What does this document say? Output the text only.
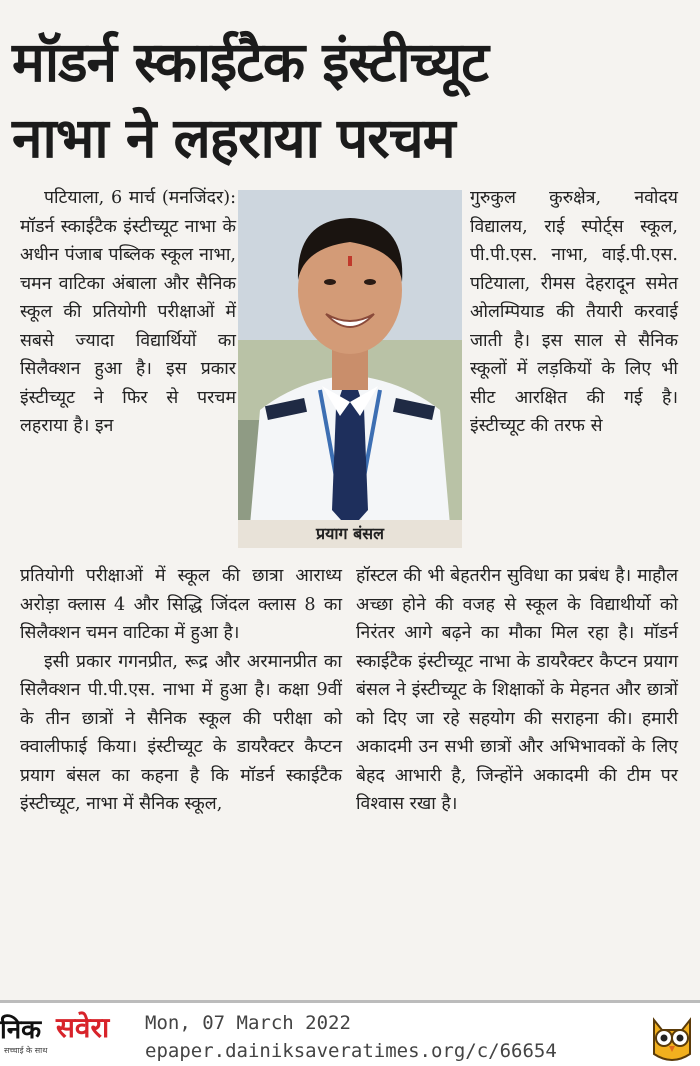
मॉडर्न स्काईटैक इंस्टीच्यूट
नाभा ने लहराया परचम

पटियाला, 6 मार्च (मनजिंदर): मॉडर्न स्काईटैक इंस्टीच्यूट नाभा के अधीन पंजाब पब्लिक स्कूल नाभा, चमन वाटिका अंबाला और सैनिक स्कूल की प्रतियोगी परीक्षाओं में सबसे ज्यादा विद्यार्थियों का सिलैक्शन हुआ है। इस प्रकार इंस्टीच्यूट ने फिर से परचम लहराया है। इन

प्रयाग बंसल

गुरुकुल कुरुक्षेत्र, नवोदय विद्यालय, राई स्पोर्ट्स स्कूल, पी.पी.एस. नाभा, वाई.पी.एस. पटियाला, रीमस देहरादून समेत ओलम्पियाड की तैयारी करवाई जाती है। इस साल से सैनिक स्कूलों में लड़कियों के लिए भी सीट आरक्षित की गई है। इंस्टीच्यूट की तरफ से

प्रतियोगी परीक्षाओं में स्कूल की छात्रा आराध्य अरोड़ा क्लास 4 और सिद्धि जिंदल क्लास 8 का सिलैक्शन चमन वाटिका में हुआ है।

इसी प्रकार गगनप्रीत, रूद्र और अरमानप्रीत का सिलैक्शन पी.पी.एस. नाभा में हुआ है। कक्षा 9वीं के तीन छात्रों ने सैनिक स्कूल की परीक्षा को क्वालीफाई किया। इंस्टीच्यूट के डायरैक्टर कैप्टन प्रयाग बंसल का कहना है कि मॉडर्न स्काईटैक इंस्टीच्यूट, नाभा में सैनिक स्कूल,

हॉस्टल की भी बेहतरीन सुविधा का प्रबंध है। माहौल अच्छा होने की वजह से स्कूल के विद्याथीर्यो को निरंतर आगे बढ़ने का मौका मिल रहा है। मॉडर्न स्काईटैक इंस्टीच्यूट नाभा के डायरैक्टर कैप्टन प्रयाग बंसल ने इंस्टीच्यूट के शिक्षाकों के मेहनत और छात्रों को दिए जा रहे सहयोग की सराहना की। हमारी अकादमी उन सभी छात्रों और अभिभावकों के लिए बेहद आभारी है, जिन्होंने अकादमी की टीम पर विश्वास रखा है।

निक सवेरा
सच्चाई के साथ
Mon, 07 March 2022
epaper.dainiksaveratimes.org/c/66654
